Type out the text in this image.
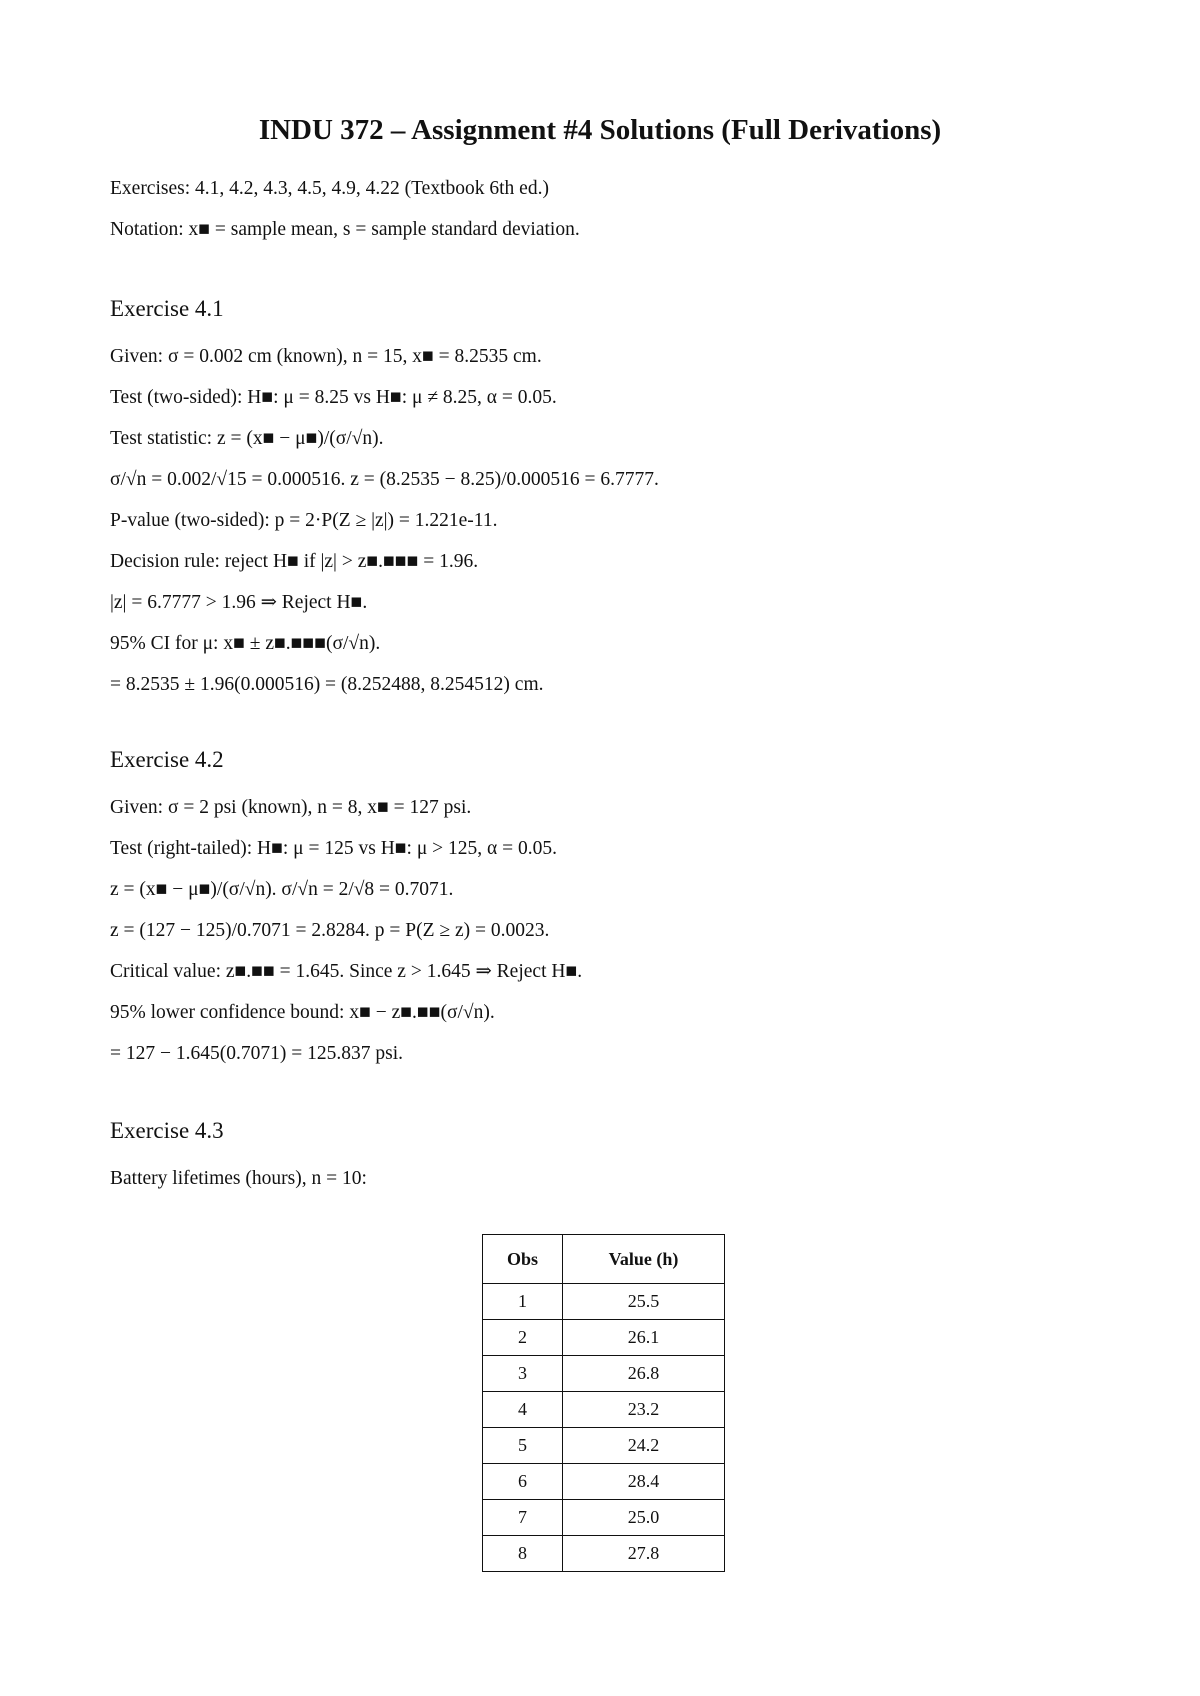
INDU 372 – Assignment #4 Solutions (Full Derivations)

Exercises: 4.1, 4.2, 4.3, 4.5, 4.9, 4.22 (Textbook 6th ed.)

Notation: x■ = sample mean, s = sample standard deviation.

Exercise 4.1

Given: σ = 0.002 cm (known), n = 15, x■ = 8.2535 cm.

Test (two-sided): H■: μ = 8.25 vs H■: μ ≠ 8.25, α = 0.05.

Test statistic: z = (x■ − μ■)/(σ/√n).

σ/√n = 0.002/√15 = 0.000516. z = (8.2535 − 8.25)/0.000516 = 6.7777.

P-value (two-sided): p = 2·P(Z ≥ |z|) = 1.221e-11.

Decision rule: reject H■ if |z| > z■.■■■ = 1.96.

|z| = 6.7777 > 1.96 ⇒ Reject H■.

95% CI for μ: x■ ± z■.■■■(σ/√n).

= 8.2535 ± 1.96(0.000516) = (8.252488, 8.254512) cm.

Exercise 4.2

Given: σ = 2 psi (known), n = 8, x■ = 127 psi.

Test (right-tailed): H■: μ = 125 vs H■: μ > 125, α = 0.05.

z = (x■ − μ■)/(σ/√n). σ/√n = 2/√8 = 0.7071.

z = (127 − 125)/0.7071 = 2.8284. p = P(Z ≥ z) = 0.0023.

Critical value: z■.■■ = 1.645. Since z > 1.645 ⇒ Reject H■.

95% lower confidence bound: x■ − z■.■■(σ/√n).

= 127 − 1.645(0.7071) = 125.837 psi.

Exercise 4.3

Battery lifetimes (hours), n = 10:

Obs	Value (h)
1	25.5
2	26.1
3	26.8
4	23.2
5	24.2
6	28.4
7	25.0
8	27.8
